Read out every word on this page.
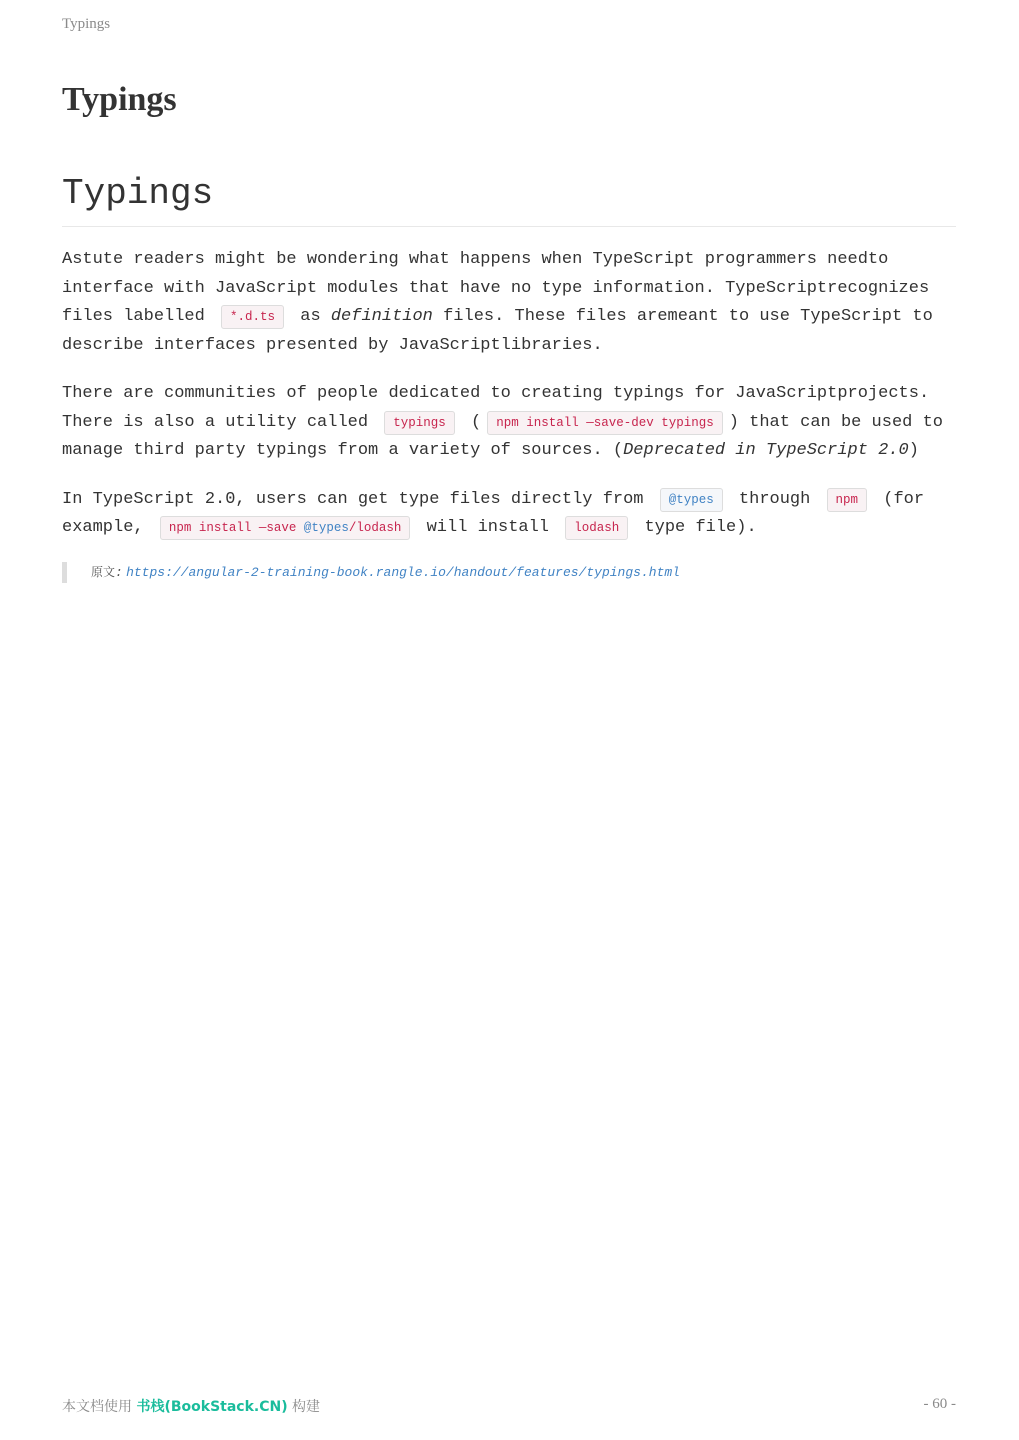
Typings
Typings
Typings

Astute readers might be wondering what happens when TypeScript programmers needto interface with JavaScript modules that have no type information. TypeScriptrecognizes files labelled *.d.ts as definition files. These files aremeant to use TypeScript to describe interfaces presented by JavaScriptlibraries.

There are communities of people dedicated to creating typings for JavaScriptprojects. There is also a utility called typings ( npm install —save-dev typings ) that can be used to manage third party typings from a variety of sources. (Deprecated in TypeScript 2.0)

In TypeScript 2.0, users can get type files directly from @types through npm (for example, npm install —save @types/lodash will install lodash type file).

原文: https://angular-2-training-book.rangle.io/handout/features/typings.html
本文档使用 书栈(BookStack.CN) 构建	- 60 -
